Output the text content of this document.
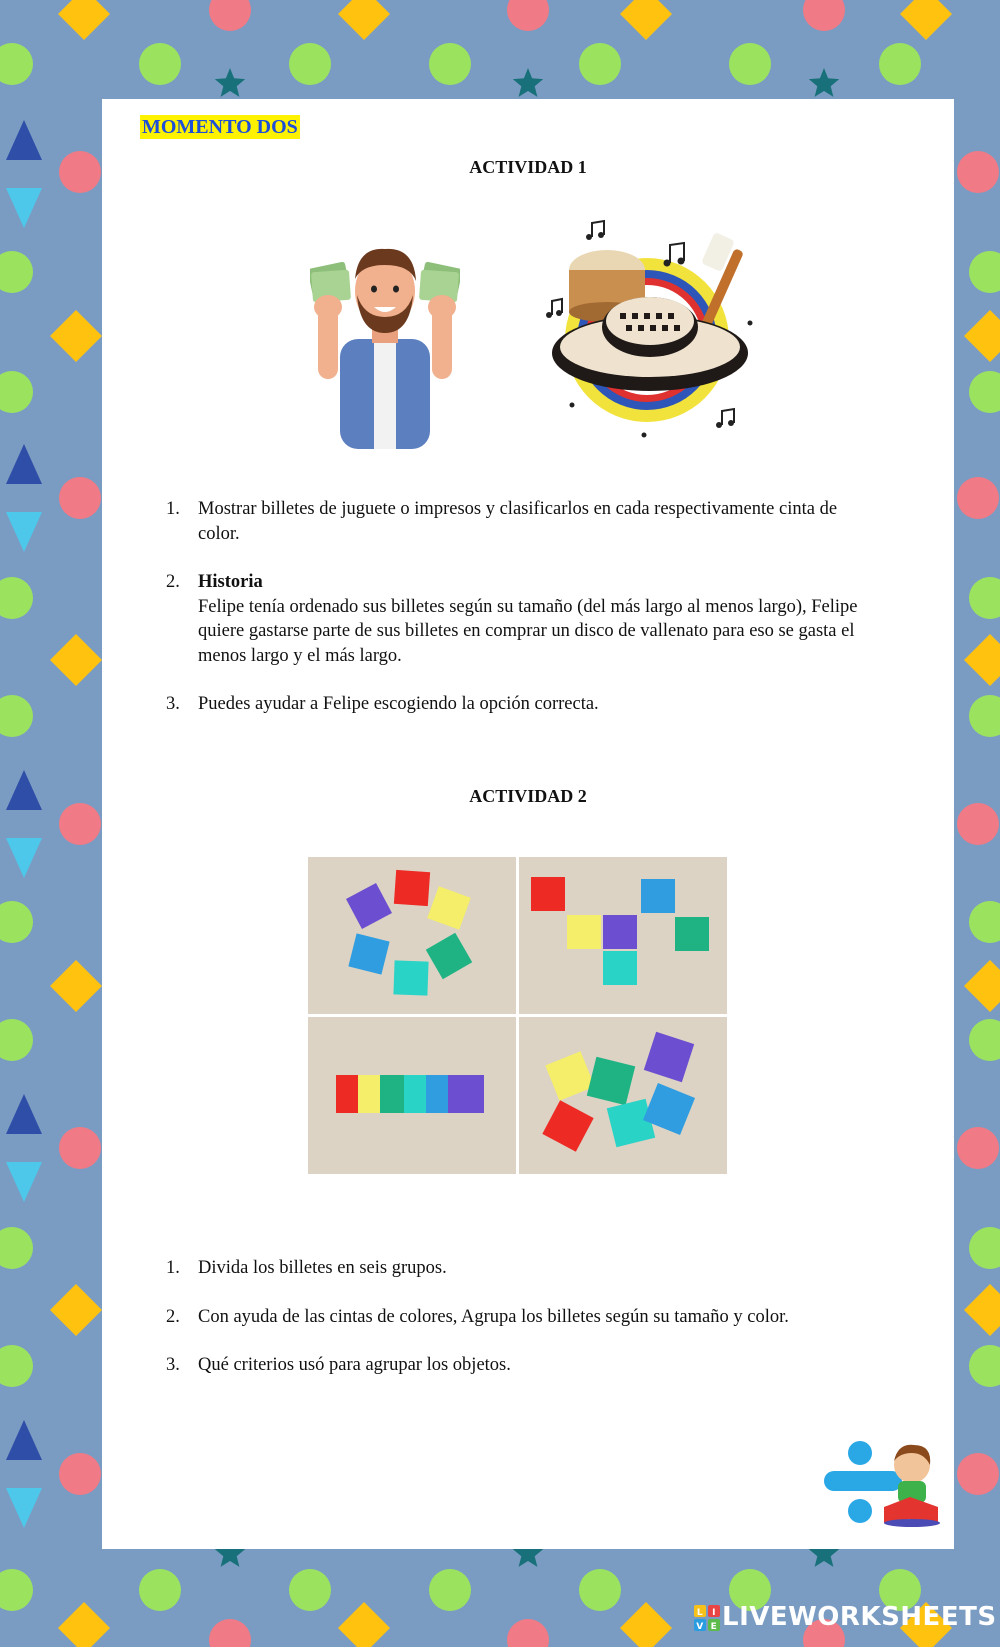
MOMENTO DOS
ACTIVIDAD 1
1. Mostrar billetes de juguete o impresos y clasificarlos en cada respectivamente cinta de color.
2. Historia
Felipe tenía ordenado sus billetes según su tamaño (del más largo al menos largo), Felipe quiere gastarse parte de sus billetes en comprar un disco de vallenato para eso se gasta el menos largo y el más largo.
3. Puedes ayudar a Felipe escogiendo la opción correcta.
ACTIVIDAD 2
1. Divida los billetes en seis grupos.
2. Con ayuda de las cintas de colores, Agrupa los billetes según su tamaño y color.
3. Qué criterios usó para agrupar los objetos.
L I
V E LIVEWORKSHEETS
